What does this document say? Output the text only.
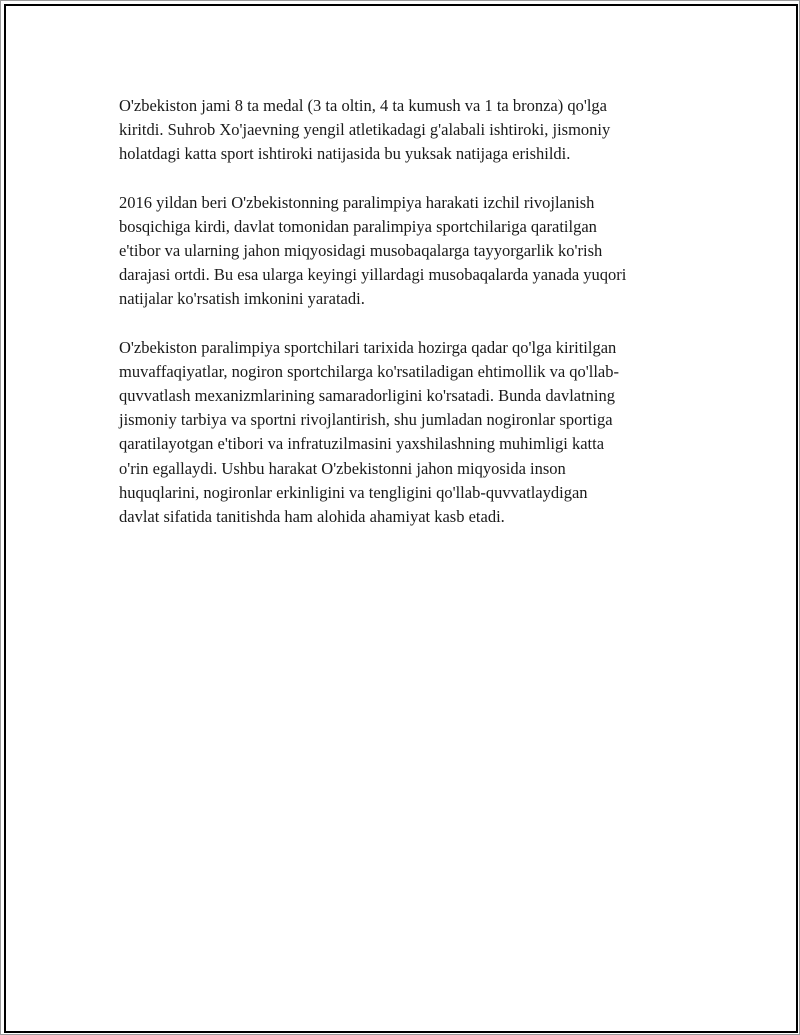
O'zbekiston jami 8 ta medal (3 ta oltin, 4 ta kumush va 1 ta bronza) qo'lga
kiritdi. Suhrob Xo'jaevning yengil atletikadagi g'alabali ishtiroki, jismoniy
holatdagi katta sport ishtiroki natijasida bu yuksak natijaga erishildi.

2016 yildan beri O'zbekistonning paralimpiya harakati izchil rivojlanish
bosqichiga kirdi, davlat tomonidan paralimpiya sportchilariga qaratilgan
e'tibor va ularning jahon miqyosidagi musobaqalarga tayyorgarlik ko'rish
darajasi ortdi. Bu esa ularga keyingi yillardagi musobaqalarda yanada yuqori
natijalar ko'rsatish imkonini yaratadi.

O'zbekiston paralimpiya sportchilari tarixida hozirga qadar qo'lga kiritilgan
muvaffaqiyatlar, nogiron sportchilarga ko'rsatiladigan ehtimollik va qo'llab-
quvvatlash mexanizmlarining samaradorligini ko'rsatadi. Bunda davlatning
jismoniy tarbiya va sportni rivojlantirish, shu jumladan nogironlar sportiga
qaratilayotgan e'tibori va infratuzilmasini yaxshilashning muhimligi katta
o'rin egallaydi. Ushbu harakat O'zbekistonni jahon miqyosida inson
huquqlarini, nogironlar erkinligini va tengligini qo'llab-quvvatlaydigan
davlat sifatida tanitishda ham alohida ahamiyat kasb etadi.
